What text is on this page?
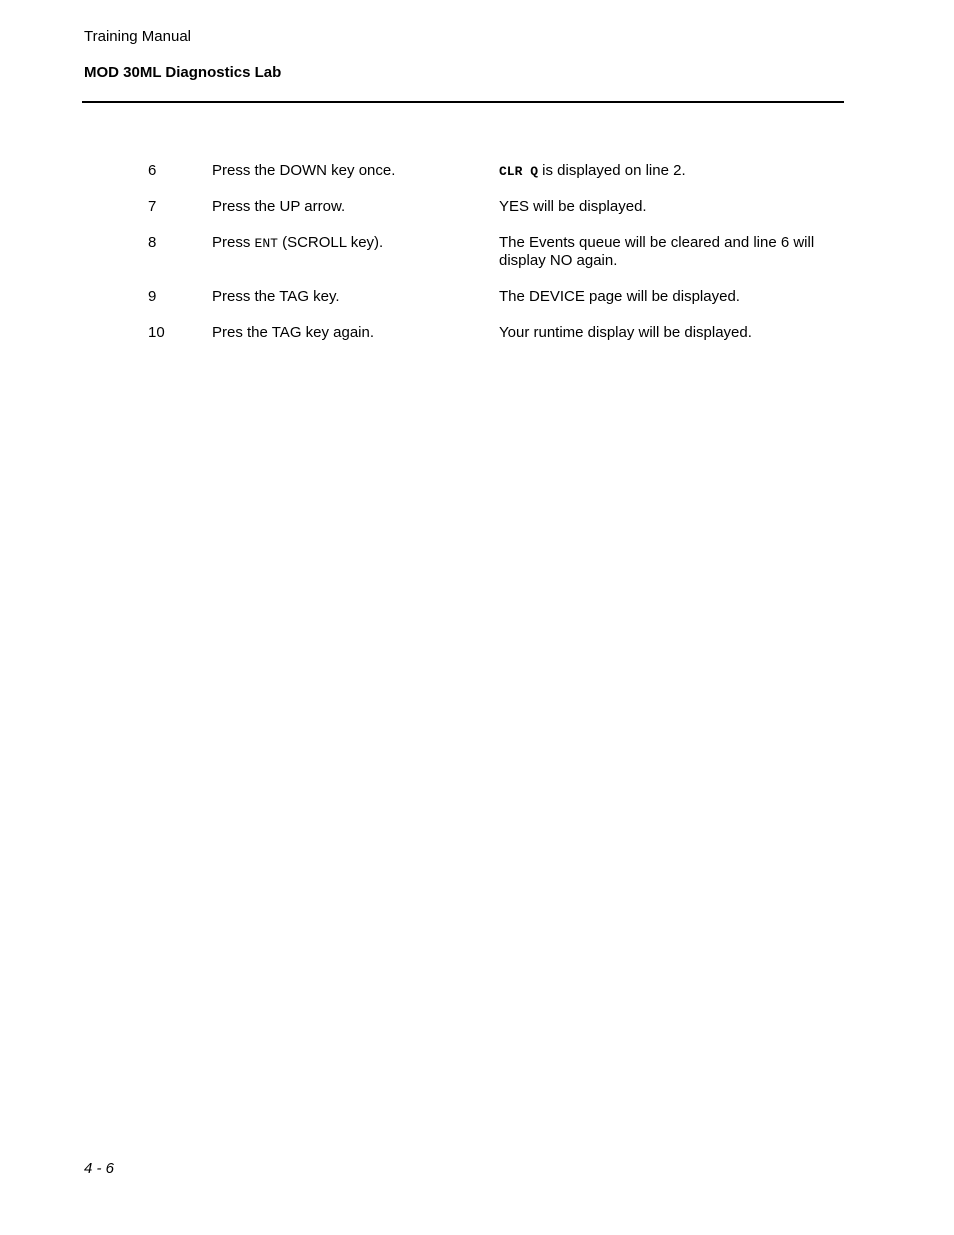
Training Manual
MOD 30ML Diagnostics Lab
6	Press the DOWN key once.	CLR Q is displayed on line 2.
7	Press the UP arrow.	YES will be displayed.
8	Press ENT (SCROLL key).	The Events queue will be cleared and line 6 will display NO again.
9	Press the TAG key.	The DEVICE page will be displayed.
10	Pres the TAG key again.	Your runtime display will be displayed.
4 - 6
